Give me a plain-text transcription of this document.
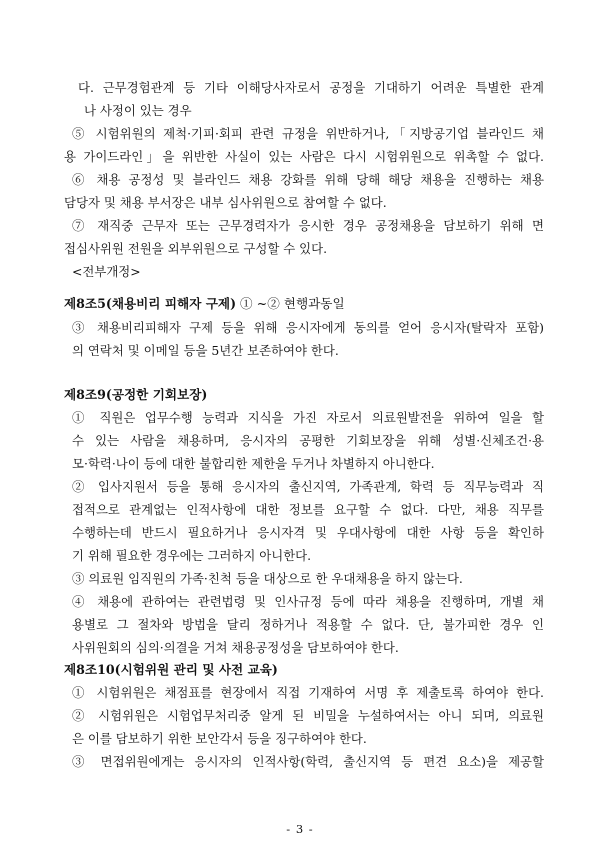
다. 근무경험관계 등 기타 이해당사자로서 공정을 기대하기 어려운 특별한 관계
나 사정이 있는 경우
⑤ 시험위원의 제척·기피·회피 관련 규정을 위반하거나,「지방공기업 블라인드 채
용 가이드라인」을 위반한 사실이 있는 사람은 다시 시험위원으로 위촉할 수 없다.
⑥ 채용 공정성 및 블라인드 채용 강화를 위해 당해 해당 채용을 진행하는 채용
담당자 및 채용 부서장은 내부 심사위원으로 참여할 수 없다.
⑦ 재직중 근무자 또는 근무경력자가 응시한 경우 공정채용을 담보하기 위해 면
접심사위원 전원을 외부위원으로 구성할 수 있다.
<전부개정>
제8조5(채용비리 피해자 구제) ① ~② 현행과동일
③ 채용비리피해자 구제 등을 위해 응시자에게 동의를 얻어 응시자(탈락자 포함)
의 연락처 및 이메일 등을 5년간 보존하여야 한다.
제8조9(공정한 기회보장)
① 직원은 업무수행 능력과 지식을 가진 자로서 의료원발전을 위하여 일을 할
수 있는 사람을 채용하며, 응시자의 공평한 기회보장을 위해 성별·신체조건·용
모·학력·나이 등에 대한 불합리한 제한을 두거나 차별하지 아니한다.
② 입사지원서 등을 통해 응시자의 출신지역, 가족관계, 학력 등 직무능력과 직
접적으로 관계없는 인적사항에 대한 정보를 요구할 수 없다. 다만, 채용 직무를
수행하는데 반드시 필요하거나 응시자격 및 우대사항에 대한 사항 등을 확인하
기 위해 필요한 경우에는 그러하지 아니한다.
③ 의료원 임직원의 가족·친척 등을 대상으로 한 우대채용을 하지 않는다.
④ 채용에 관하여는 관련법령 및 인사규정 등에 따라 채용을 진행하며, 개별 채
용별로 그 절차와 방법을 달리 정하거나 적용할 수 없다. 단, 불가피한 경우 인
사위원회의 심의·의결을 거쳐 채용공정성을 담보하여야 한다.
제8조10(시험위원 관리 및 사전 교육)
① 시험위원은 채점표를 현장에서 직접 기재하여 서명 후 제출토록 하여야 한다.
② 시험위원은 시험업무처리중 알게 된 비밀을 누설하여서는 아니 되며, 의료원
은 이를 담보하기 위한 보안각서 등을 징구하여야 한다.
③ 면접위원에게는 응시자의 인적사항(학력, 출신지역 등 편견 요소)을 제공할
- 3 -
